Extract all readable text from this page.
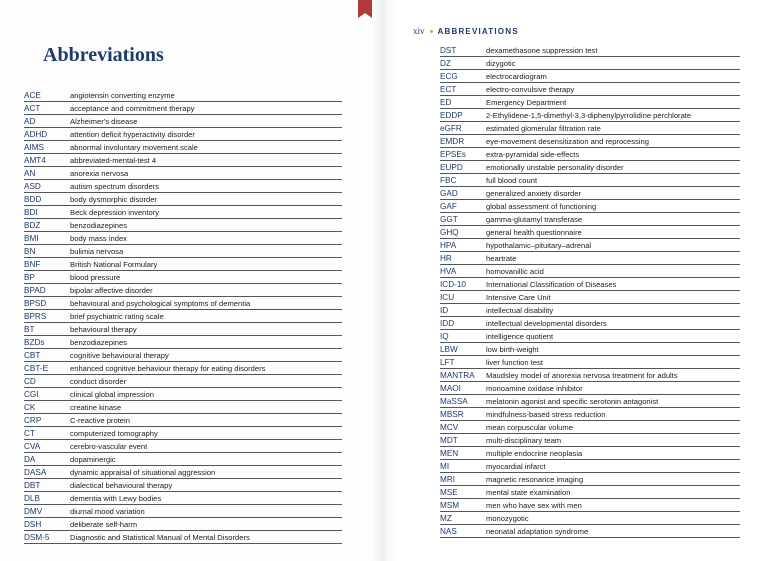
Abbreviations
xiv ABBREVIATIONS
ACE	angiotensin converting enzyme
ACT	acceptance and commitment therapy
AD	Alzheimer's disease
ADHD	attention deficit hyperactivity disorder
AIMS	abnormal involuntary movement scale
AMT4	abbreviated-mental-test 4
AN	anorexia nervosa
ASD	autism spectrum disorders
BDD	body dysmorphic disorder
BDI	Beck depression inventory
BDZ	benzodiazepines
BMI	body mass index
BN	bulimia nervosa
BNF	British National Formulary
BP	blood pressure
BPAD	bipolar affective disorder
BPSD	behavioural and psychological symptoms of dementia
BPRS	brief psychiatric rating scale
BT	behavioural therapy
BZDs	benzodiazepines
CBT	cognitive behavioural therapy
CBT-E	enhanced cognitive behaviour therapy for eating disorders
CD	conduct disorder
CGI	clinical global impression
CK	creatine kinase
CRP	C-reactive protein
CT	computerized tomography
CVA	cerebro-vascular event
DA	dopaminergic
DASA	dynamic appraisal of situational aggression
DBT	dialectical behavioural therapy
DLB	dementia with Lewy bodies
DMV	diurnal mood variation
DSH	deliberate self-harm
DSM-5	Diagnostic and Statistical Manual of Mental Disorders
DST	dexamethasone suppression test
DZ	dizygotic
ECG	electrocardiogram
ECT	electro-convulsive therapy
ED	Emergency Department
EDDP	2-Ethylidene-1,5-dimethyl-3,3-diphenylpyrrolidine perchlorate
eGFR	estimated glomerular filtration rate
EMDR	eye-movement desensitization and reprocessing
EPSEs	extra-pyramidal side-effects
EUPD	emotionally unstable personality disorder
FBC	full blood count
GAD	generalized anxiety disorder
GAF	global assessment of functioning
GGT	gamma-glutamyl transferase
GHQ	general health questionnaire
HPA	hypothalamic–pituitary–adrenal
HR	heartrate
HVA	homovanillic acid
ICD-10	International Classification of Diseases
ICU	Intensive Care Unit
ID	intellectual disability
IDD	intellectual developmental disorders
IQ	intelligence quotient
LBW	low birth-weight
LFT	liver function test
MANTRA	Maudsley model of anorexia nervosa treatment for adults
MAOI	monoamine oxidase inhibitor
MaSSA	melatonin agonist and specific serotonin antagonist
MBSR	mindfulness-based stress reduction
MCV	mean corpuscular volume
MDT	multi-disciplinary team
MEN	multiple endocrine neoplasia
MI	myocardial infarct
MRI	magnetic resonance imaging
MSE	mental state examination
MSM	men who have sex with men
MZ	monozygotic
NAS	neonatal adaptation syndrome
